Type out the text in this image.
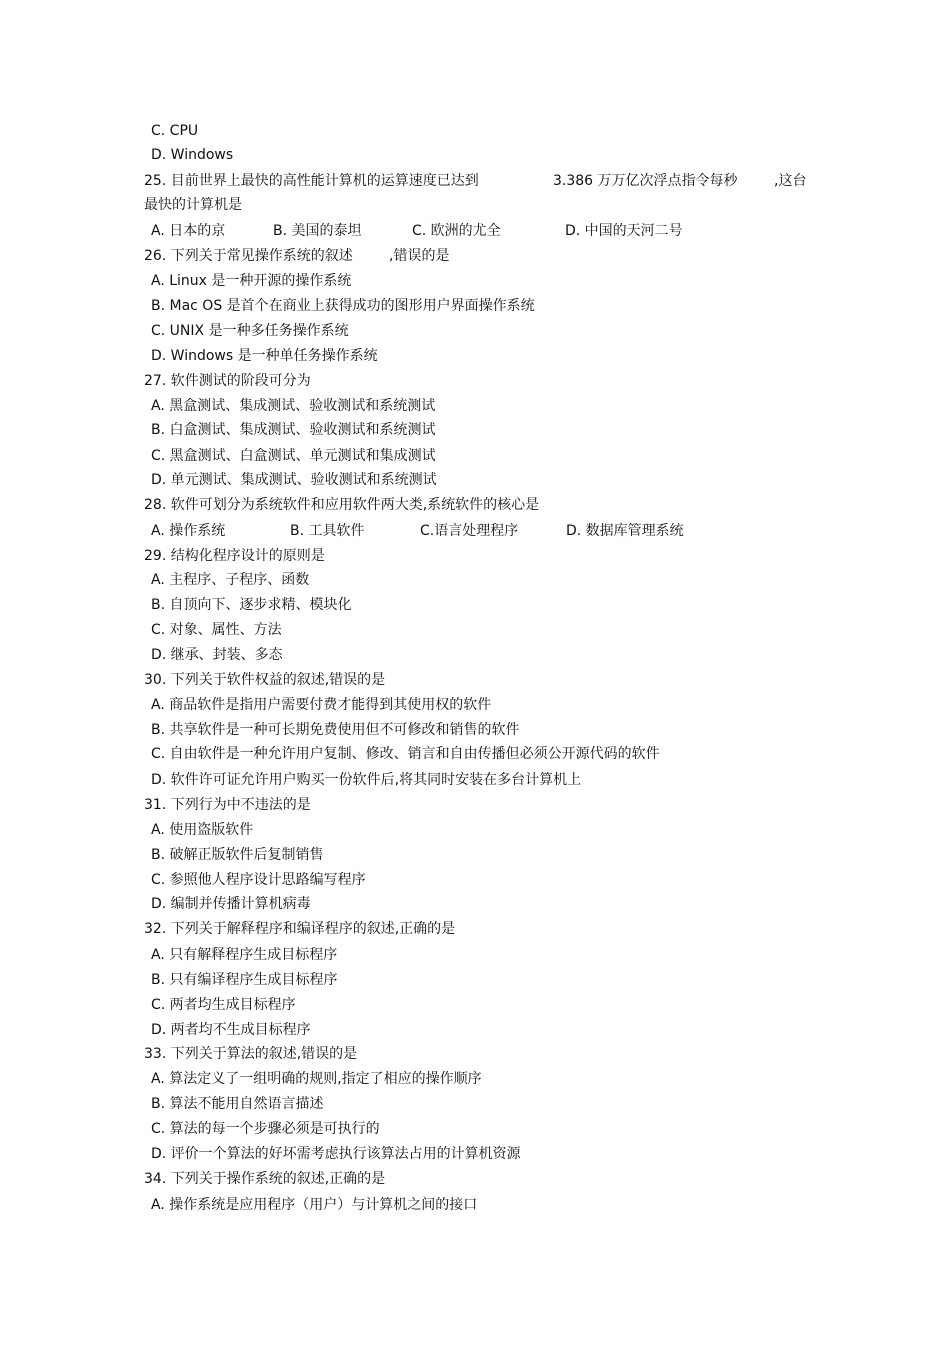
C. CPU
D. Windows
25. 目前世界上最快的高性能计算机的运算速度已达到	3.386 万万亿次浮点指令每秒	,这台
最快的计算机是
A. 日本的京	B. 美国的泰坦	C. 欧洲的尤全	D. 中国的天河二号
26. 下列关于常见操作系统的叙述	,错误的是
A. Linux 是一种开源的操作系统
B. Mac OS 是首个在商业上获得成功的图形用户界面操作系统
C. UNIX 是一种多任务操作系统
D. Windows 是一种单任务操作系统
27. 软件测试的阶段可分为
A. 黑盒测试、集成测试、验收测试和系统测试
B. 白盒测试、集成测试、验收测试和系统测试
C. 黑盒测试、白盒测试、单元测试和集成测试
D. 单元测试、集成测试、验收测试和系统测试
28. 软件可划分为系统软件和应用软件两大类,系统软件的核心是
A. 操作系统	B. 工具软件	C.语言处理程序	D. 数据库管理系统
29. 结构化程序设计的原则是
A. 主程序、子程序、函数
B. 自顶向下、逐步求精、模块化
C. 对象、属性、方法
D. 继承、封装、多态
30. 下列关于软件权益的叙述,错误的是
A. 商品软件是指用户需要付费才能得到其使用权的软件
B. 共享软件是一种可长期免费使用但不可修改和销售的软件
C. 自由软件是一种允许用户复制、修改、销言和自由传播但必须公开源代码的软件
D. 软件许可证允许用户购买一份软件后,将其同时安装在多台计算机上
31. 下列行为中不违法的是
A. 使用盗版软件
B. 破解正版软件后复制销售
C. 参照他人程序设计思路编写程序
D. 编制并传播计算机病毒
32. 下列关于解释程序和编译程序的叙述,正确的是
A. 只有解释程序生成目标程序
B. 只有编译程序生成目标程序
C. 两者均生成目标程序
D. 两者均不生成目标程序
33. 下列关于算法的叙述,错误的是
A. 算法定义了一组明确的规则,指定了相应的操作顺序
B. 算法不能用自然语言描述
C. 算法的每一个步骤必须是可执行的
D. 评价一个算法的好坏需考虑执行该算法占用的计算机资源
34. 下列关于操作系统的叙述,正确的是
A. 操作系统是应用程序（用户）与计算机之间的接口
